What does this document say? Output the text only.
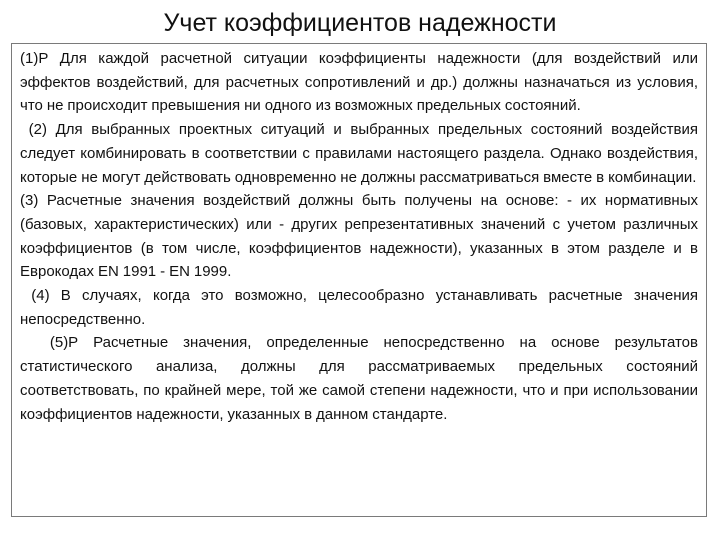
Учет коэффициентов надежности

(1)Р Для каждой расчетной ситуации коэффициенты надежности (для воздействий или эффектов воздействий, для расчетных сопротивлений и др.) должны назначаться из условия, что не происходит превышения ни одного из возможных предельных состояний.

(2) Для выбранных проектных ситуаций и выбранных предельных состояний воздействия следует комбинировать в соответствии с правилами настоящего раздела. Однако воздействия, которые не могут действовать одновременно не должны рассматриваться вместе в комбинации.

(3) Расчетные значения воздействий должны быть получены на основе: - их нормативных (базовых, характеристических) или - других репрезентативных значений с учетом различных коэффициентов (в том числе, коэффициентов надежности), указанных в этом разделе и в Еврокодах EN 1991 - EN 1999.

(4) В случаях, когда это возможно, целесообразно устанавливать расчетные значения непосредственно.

(5)Р Расчетные значения, определенные непосредственно на основе результатов статистического анализа, должны для рассматриваемых предельных состояний соответствовать, по крайней мере, той же самой степени надежности, что и при использовании коэффициентов надежности, указанных в данном стандарте.
